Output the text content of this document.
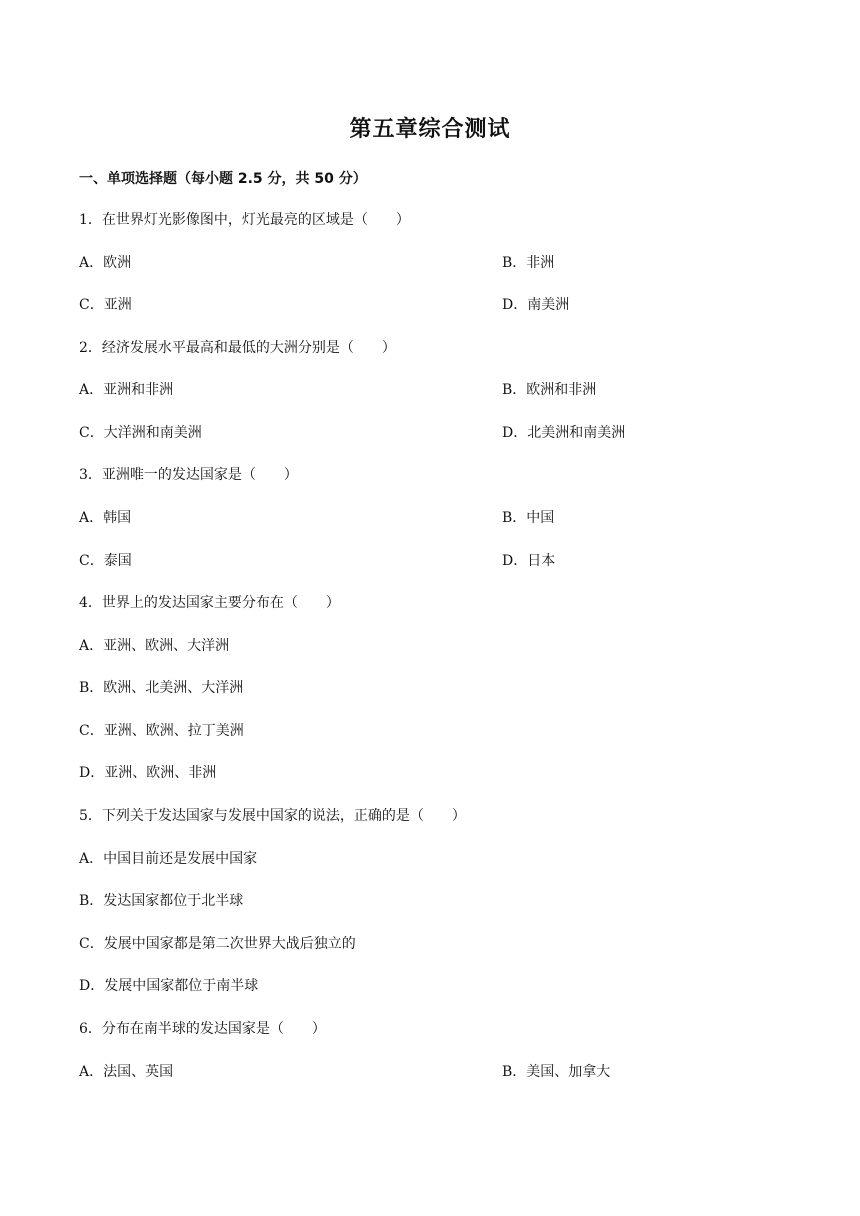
第五章综合测试
一、单项选择题（每小题 2.5 分，共 50 分）
1．在世界灯光影像图中，灯光最亮的区域是（　　）
A．欧洲	B．非洲
C．亚洲	D．南美洲
2．经济发展水平最高和最低的大洲分别是（　　）
A．亚洲和非洲	B．欧洲和非洲
C．大洋洲和南美洲	D．北美洲和南美洲
3．亚洲唯一的发达国家是（　　）
A．韩国	B．中国
C．泰国	D．日本
4．世界上的发达国家主要分布在（　　）
A．亚洲、欧洲、大洋洲
B．欧洲、北美洲、大洋洲
C．亚洲、欧洲、拉丁美洲
D．亚洲、欧洲、非洲
5．下列关于发达国家与发展中国家的说法，正确的是（　　）
A．中国目前还是发展中国家
B．发达国家都位于北半球
C．发展中国家都是第二次世界大战后独立的
D．发展中国家都位于南半球
6．分布在南半球的发达国家是（　　）
A．法国、英国	B．美国、加拿大
